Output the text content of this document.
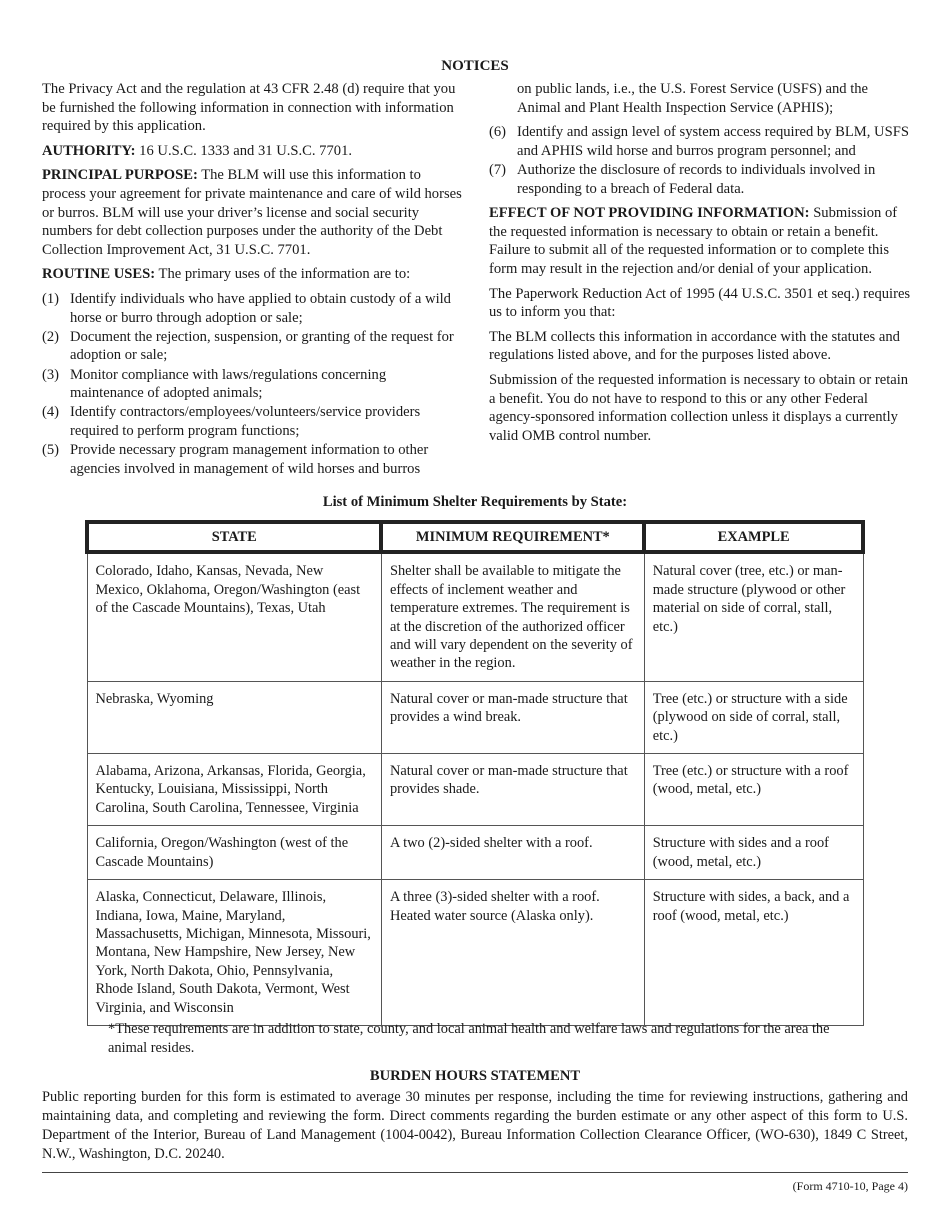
NOTICES

The Privacy Act and the regulation at 43 CFR 2.48 (d) require that you be furnished the following information in connection with information required by this application.

AUTHORITY: 16 U.S.C. 1333 and 31 U.S.C. 7701.

PRINCIPAL PURPOSE: The BLM will use this information to process your agreement for private maintenance and care of wild horses or burros. BLM will use your driver’s license and social security numbers for debt collection purposes under the authority of the Debt Collection Improvement Act, 31 U.S.C. 7701.

ROUTINE USES: The primary uses of the information are to:

(1) Identify individuals who have applied to obtain custody of a wild horse or burro through adoption or sale;
(2) Document the rejection, suspension, or granting of the request for adoption or sale;
(3) Monitor compliance with laws/regulations concerning maintenance of adopted animals;
(4) Identify contractors/employees/volunteers/service providers required to perform program functions;
(5) Provide necessary program management information to other agencies involved in management of wild horses and burros

on public lands, i.e., the U.S. Forest Service (USFS) and the Animal and Plant Health Inspection Service (APHIS);

(6) Identify and assign level of system access required by BLM, USFS and APHIS wild horse and burros program personnel; and
(7) Authorize the disclosure of records to individuals involved in responding to a breach of Federal data.

EFFECT OF NOT PROVIDING INFORMATION: Submission of the requested information is necessary to obtain or retain a benefit. Failure to submit all of the requested information or to complete this form may result in the rejection and/or denial of your application.

The Paperwork Reduction Act of 1995 (44 U.S.C. 3501 et seq.) requires us to inform you that:

The BLM collects this information in accordance with the statutes and regulations listed above, and for the purposes listed above.

Submission of the requested information is necessary to obtain or retain a benefit. You do not have to respond to this or any other Federal agency-sponsored information collection unless it displays a currently valid OMB control number.

List of Minimum Shelter Requirements by State:
STATE	MINIMUM REQUIREMENT*	EXAMPLE
Colorado, Idaho, Kansas, Nevada, New Mexico, Oklahoma, Oregon/Washington (east of the Cascade Mountains), Texas, Utah	Shelter shall be available to mitigate the effects of inclement weather and temperature extremes. The requirement is at the discretion of the authorized officer and will vary dependent on the severity of weather in the region.	Natural cover (tree, etc.) or man-made structure (plywood or other material on side of corral, stall, etc.)
Nebraska, Wyoming	Natural cover or man-made structure that provides a wind break.	Tree (etc.) or structure with a side (plywood on side of corral, stall, etc.)
Alabama, Arizona, Arkansas, Florida, Georgia, Kentucky, Louisiana, Mississippi, North Carolina, South Carolina, Tennessee, Virginia	Natural cover or man-made structure that provides shade.	Tree (etc.) or structure with a roof (wood, metal, etc.)
California, Oregon/Washington (west of the Cascade Mountains)	A two (2)-sided shelter with a roof.	Structure with sides and a roof (wood, metal, etc.)
Alaska, Connecticut, Delaware, Illinois, Indiana, Iowa, Maine, Maryland, Massachusetts, Michigan, Minnesota, Missouri, Montana, New Hampshire, New Jersey, New York, North Dakota, Ohio, Pennsylvania, Rhode Island, South Dakota, Vermont, West Virginia, and Wisconsin	A three (3)-sided shelter with a roof. Heated water source (Alaska only).	Structure with sides, a back, and a roof (wood, metal, etc.)
*These requirements are in addition to state, county, and local animal health and welfare laws and regulations for the area the animal resides.
BURDEN HOURS STATEMENT
Public reporting burden for this form is estimated to average 30 minutes per response, including the time for reviewing instructions, gathering and maintaining data, and completing and reviewing the form. Direct comments regarding the burden estimate or any other aspect of this form to U.S. Department of the Interior, Bureau of Land Management (1004-0042), Bureau Information Collection Clearance Officer, (WO-630), 1849 C Street, N.W., Washington, D.C. 20240.
(Form 4710-10, Page 4)
